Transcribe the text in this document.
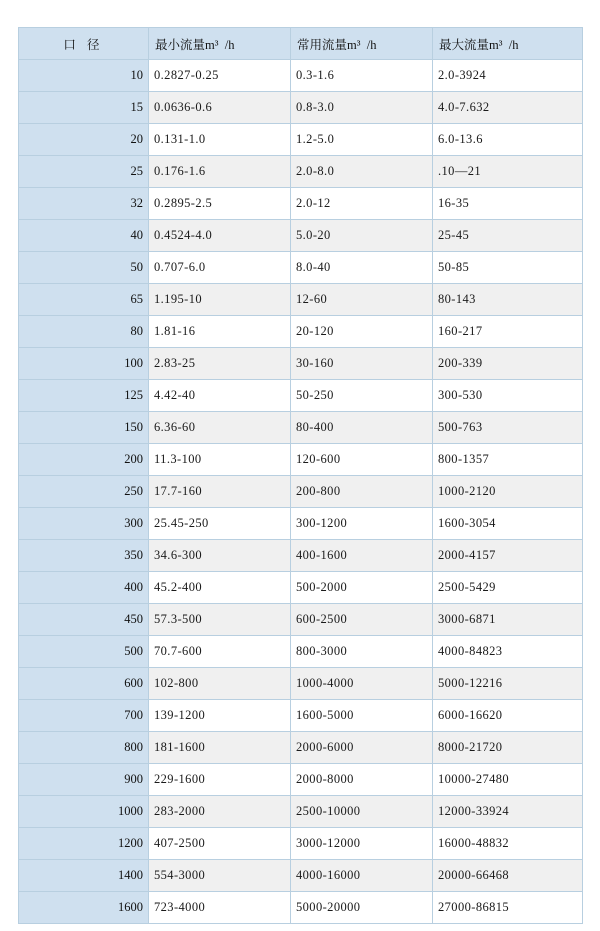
口 径	最小流量m³ /h	常用流量m³ /h	最大流量m³ /h
10	0.2827-0.25	0.3-1.6	2.0-3924
15	0.0636-0.6	0.8-3.0	4.0-7.632
20	0.131-1.0	1.2-5.0	6.0-13.6
25	0.176-1.6	2.0-8.0	.10—21
32	0.2895-2.5	2.0-12	16-35
40	0.4524-4.0	5.0-20	25-45
50	0.707-6.0	8.0-40	50-85
65	1.195-10	12-60	80-143
80	1.81-16	20-120	160-217
100	2.83-25	30-160	200-339
125	4.42-40	50-250	300-530
150	6.36-60	80-400	500-763
200	11.3-100	120-600	800-1357
250	17.7-160	200-800	1000-2120
300	25.45-250	300-1200	1600-3054
350	34.6-300	400-1600	2000-4157
400	45.2-400	500-2000	2500-5429
450	57.3-500	600-2500	3000-6871
500	70.7-600	800-3000	4000-84823
600	102-800	1000-4000	5000-12216
700	139-1200	1600-5000	6000-16620
800	181-1600	2000-6000	8000-21720
900	229-1600	2000-8000	10000-27480
1000	283-2000	2500-10000	12000-33924
1200	407-2500	3000-12000	16000-48832
1400	554-3000	4000-16000	20000-66468
1600	723-4000	5000-20000	27000-86815
